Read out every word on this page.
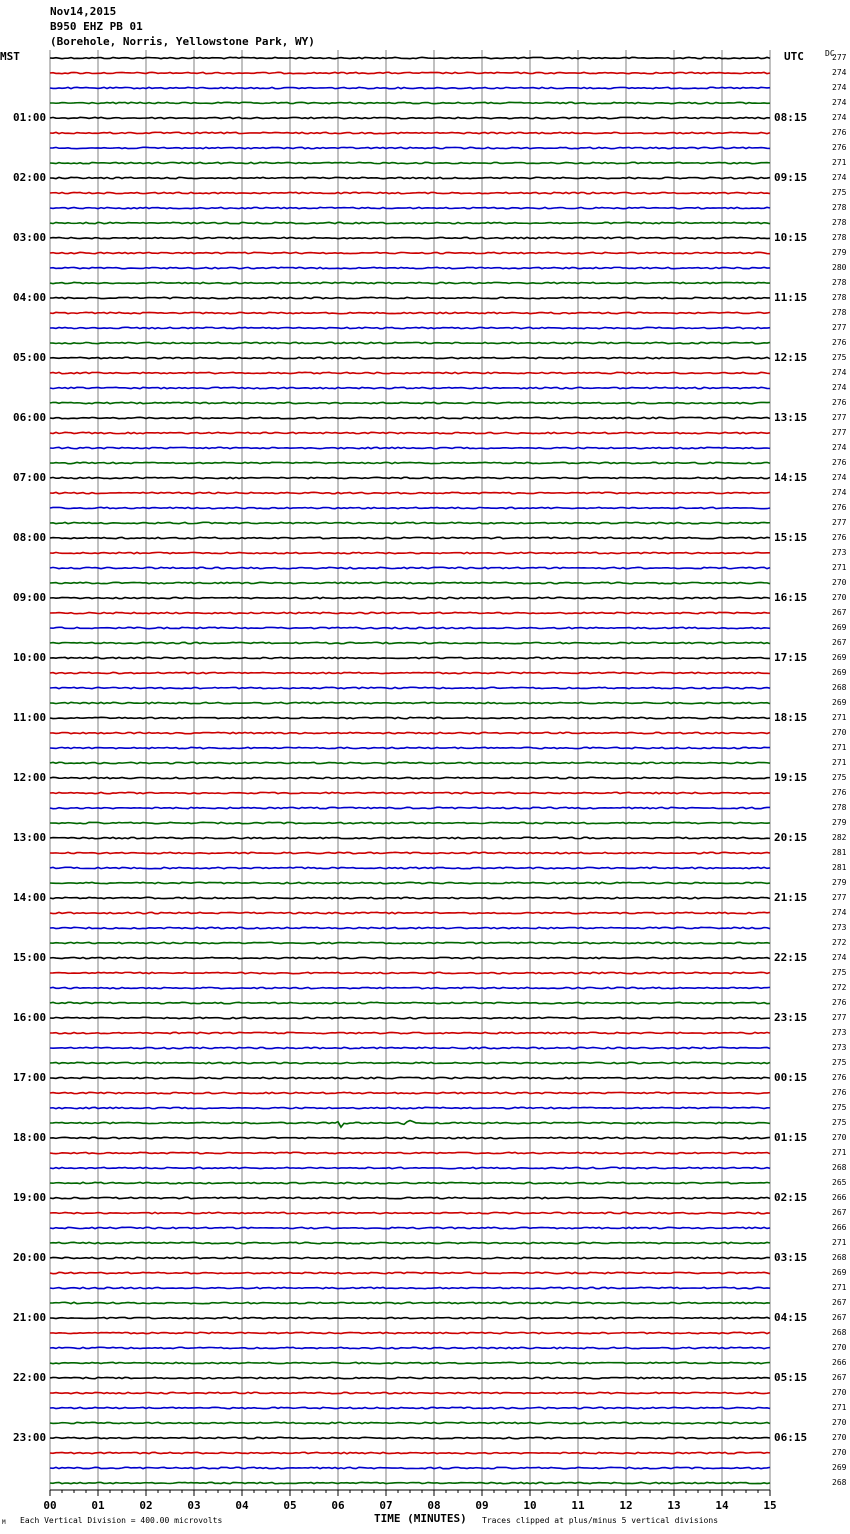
Nov14,2015
B950 EHZ PB 01
(Borehole, Norris, Yellowstone Park, WY)
MST	UTC	DC
01:00
02:00
03:00
04:00
05:00
06:00
07:00
08:00
09:00
10:00
11:00
12:00
13:00
14:00
15:00
16:00
17:00
18:00
19:00
20:00
21:00
22:00
23:00
08:15
09:15
10:15
11:15
12:15
13:15
14:15
15:15
16:15
17:15
18:15
19:15
20:15
21:15
22:15
23:15
00:15
01:15
02:15
03:15
04:15
05:15
06:15
277
274
274
274
274
276
276
271
274
275
278
278
278
279
280
278
278
278
277
276
275
274
274
276
277
277
274
276
274
274
276
277
276
273
271
270
270
267
269
267
269
269
268
269
271
270
271
271
275
276
278
279
282
281
281
279
277
274
273
272
274
275
272
276
277
273
273
275
276
276
275
275
270
271
268
265
266
267
266
271
268
269
271
267
267
268
270
266
267
270
271
270
270
270
269
268
00	01	02	03	04	05	06	07	08	09	10	11	12	13	14	15
TIME (MINUTES)
Each Vertical Division = 400.00 microvolts	Traces clipped at plus/minus 5 vertical divisions
M
